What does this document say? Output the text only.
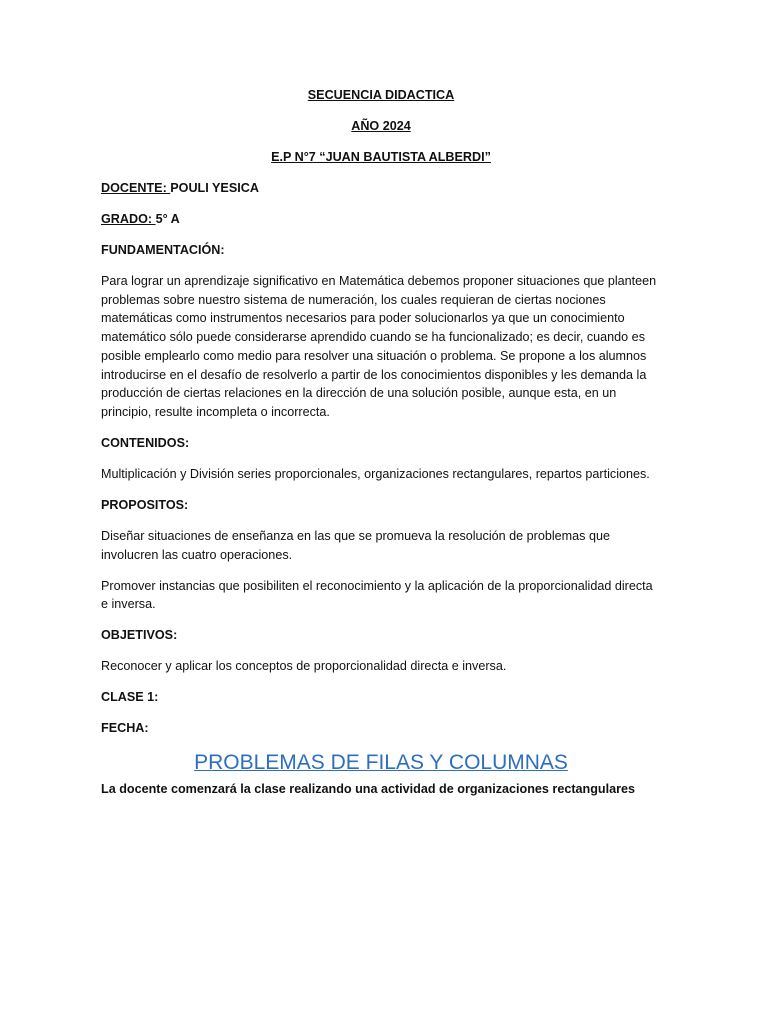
SECUENCIA DIDACTICA

AÑO 2024

E.P N°7 “JUAN BAUTISTA ALBERDI”

DOCENTE: POULI YESICA

GRADO: 5° A

FUNDAMENTACIÓN:

Para lograr un aprendizaje significativo en Matemática debemos proponer situaciones que planteen problemas sobre nuestro sistema de numeración, los cuales requieran de ciertas nociones matemáticas como instrumentos necesarios para poder solucionarlos ya que un conocimiento matemático sólo puede considerarse aprendido cuando se ha funcionalizado; es decir, cuando es posible emplearlo como medio para resolver una situación o problema. Se propone a los alumnos introducirse en el desafío de resolverlo a partir de los conocimientos disponibles y les demanda la producción de ciertas relaciones en la dirección de una solución posible, aunque esta, en un principio, resulte incompleta o incorrecta.

CONTENIDOS:

Multiplicación y División series proporcionales, organizaciones rectangulares, repartos particiones.

PROPOSITOS:

Diseñar situaciones de enseñanza en las que se promueva la resolución de problemas que involucren las cuatro operaciones.

Promover instancias que posibiliten el reconocimiento y la aplicación de la proporcionalidad directa e inversa.

OBJETIVOS:

Reconocer y aplicar los conceptos de proporcionalidad directa e inversa.

CLASE 1:

FECHA:

PROBLEMAS DE FILAS Y COLUMNAS

La docente comenzará la clase realizando una actividad de organizaciones rectangulares
